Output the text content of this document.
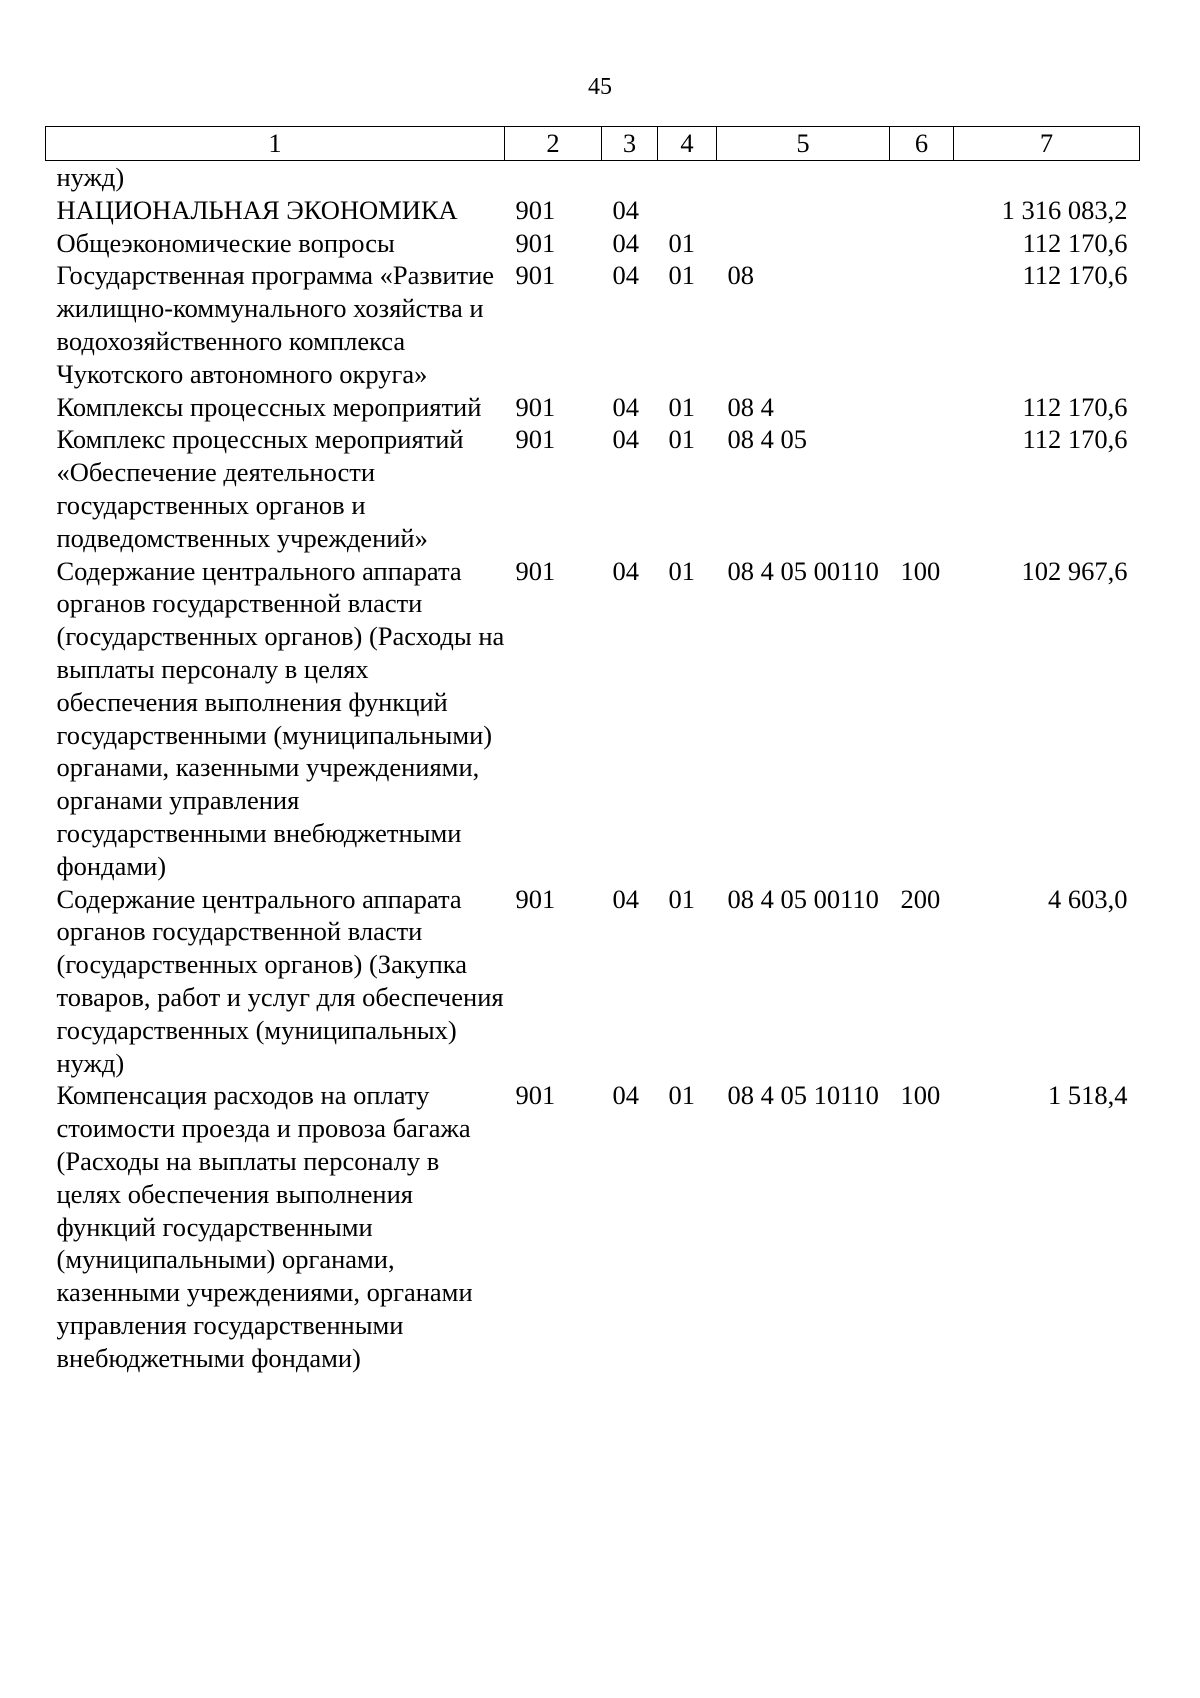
45
1	2	3	4	5	6	7
нужд)						
НАЦИОНАЛЬНАЯ ЭКОНОМИКА	901	04				1 316 083,2
Общеэкономические вопросы	901	04	01			112 170,6
Государственная программа «Развитие жилищно-коммунального хозяйства и водохозяйственного комплекса Чукотского автономного округа»	901	04	01	08		112 170,6
Комплексы процессных мероприятий	901	04	01	08 4		112 170,6
Комплекс процессных мероприятий «Обеспечение деятельности государственных органов и подведомственных учреждений»	901	04	01	08 4 05		112 170,6
Содержание центрального аппарата органов государственной власти (государственных органов) (Расходы на выплаты персоналу в целях обеспечения выполнения функций государственными (муниципальными) органами, казенными учреждениями, органами управления государственными внебюджетными фондами)	901	04	01	08 4 05 00110	100	102 967,6
Содержание центрального аппарата органов государственной власти (государственных органов) (Закупка товаров, работ и услуг для обеспечения государственных (муниципальных) нужд)	901	04	01	08 4 05 00110	200	4 603,0
Компенсация расходов на оплату стоимости проезда и провоза багажа (Расходы на выплаты персоналу в целях обеспечения выполнения функций государственными (муниципальными) органами, казенными учреждениями, органами управления государственными внебюджетными фондами)	901	04	01	08 4 05 10110	100	1 518,4
